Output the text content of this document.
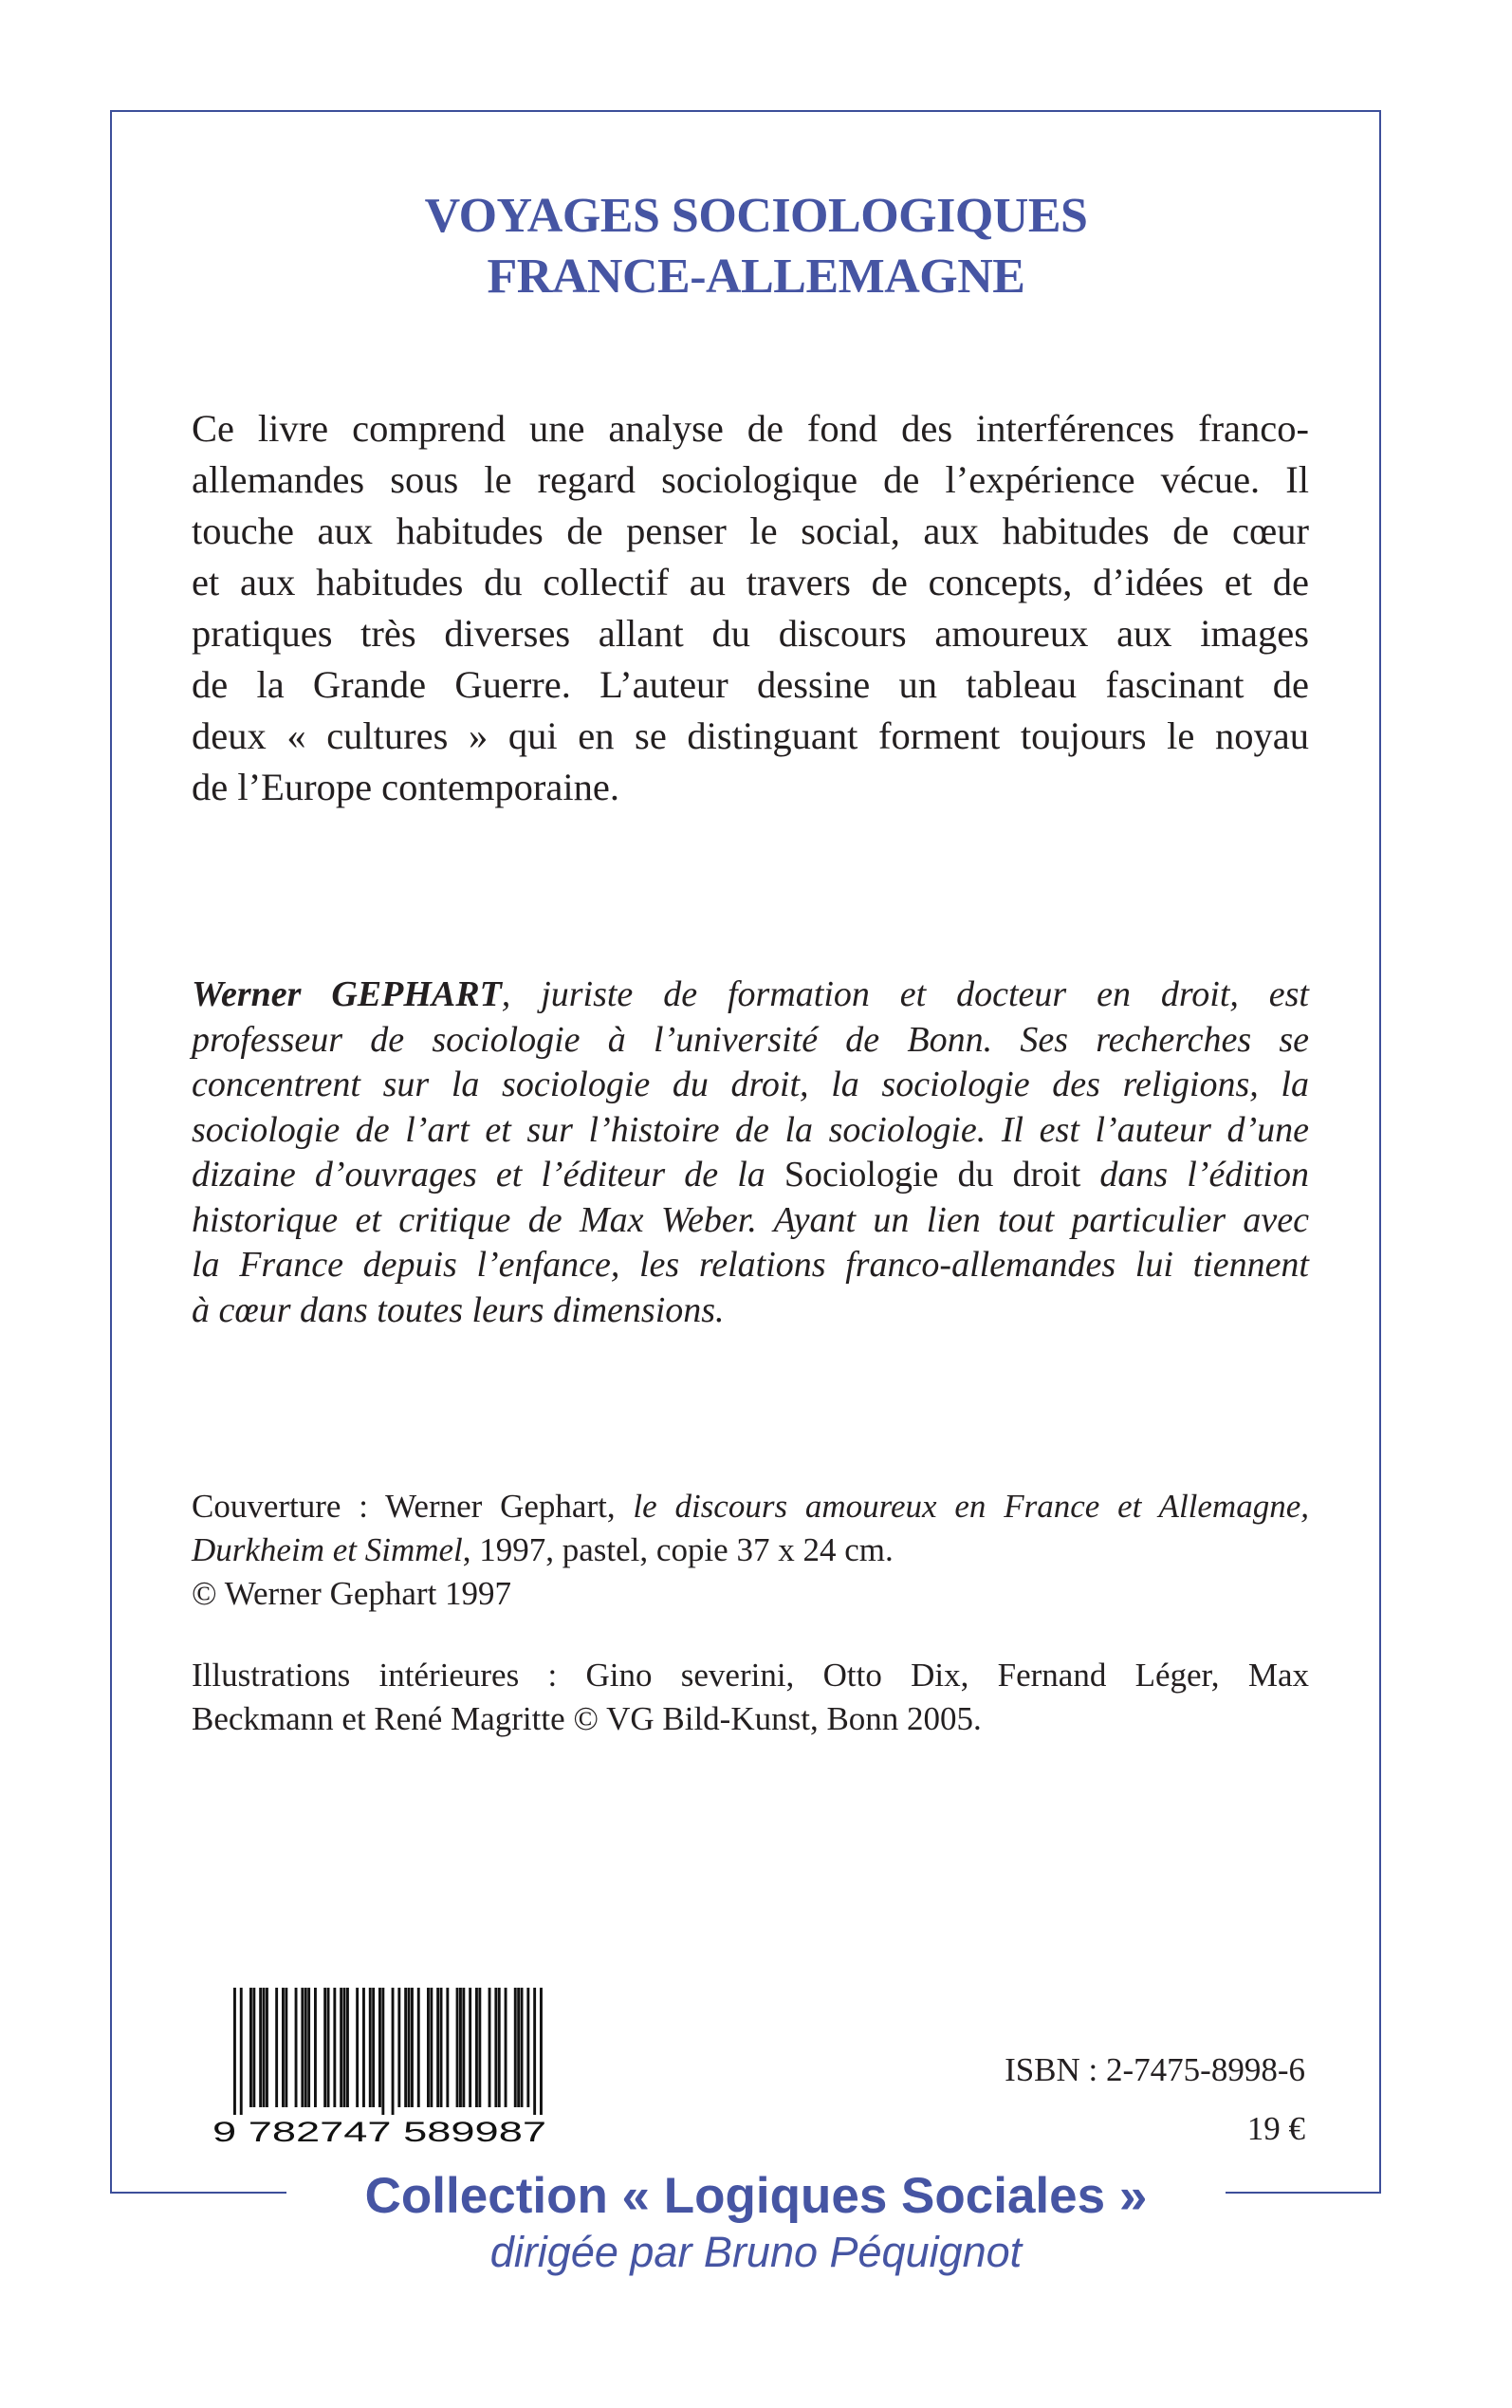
VOYAGES SOCIOLOGIQUES
FRANCE-ALLEMAGNE
Ce livre comprend une analyse de fond des interférences franco-
allemandes sous le regard sociologique de l’expérience vécue. Il
touche aux habitudes de penser le social, aux habitudes de cœur
et aux habitudes du collectif au travers de concepts, d’idées et de
pratiques très diverses allant du discours amoureux aux images
de la Grande Guerre. L’auteur dessine un tableau fascinant de
deux « cultures » qui en se distinguant forment toujours le noyau
de l’Europe contemporaine.
Werner GEPHART, juriste de formation et docteur en droit, est
professeur de sociologie à l’université de Bonn. Ses recherches se
concentrent sur la sociologie du droit, la sociologie des religions, la
sociologie de l’art et sur l’histoire de la sociologie. Il est l’auteur d’une
dizaine d’ouvrages et l’éditeur de la Sociologie du droit dans l’édition
historique et critique de Max Weber. Ayant un lien tout particulier avec
la France depuis l’enfance, les relations franco-allemandes lui tiennent
à cœur dans toutes leurs dimensions.
Couverture : Werner Gephart, le discours amoureux en France et Allemagne,
Durkheim et Simmel, 1997, pastel, copie 37 x 24 cm.
© Werner Gephart 1997
Illustrations intérieures : Gino severini, Otto Dix, Fernand Léger, Max
Beckmann et René Magritte © VG Bild-Kunst, Bonn 2005.
9 782747 589987
ISBN : 2-7475-8998-6
19 €
Collection « Logiques Sociales »
dirigée par Bruno Péquignot
